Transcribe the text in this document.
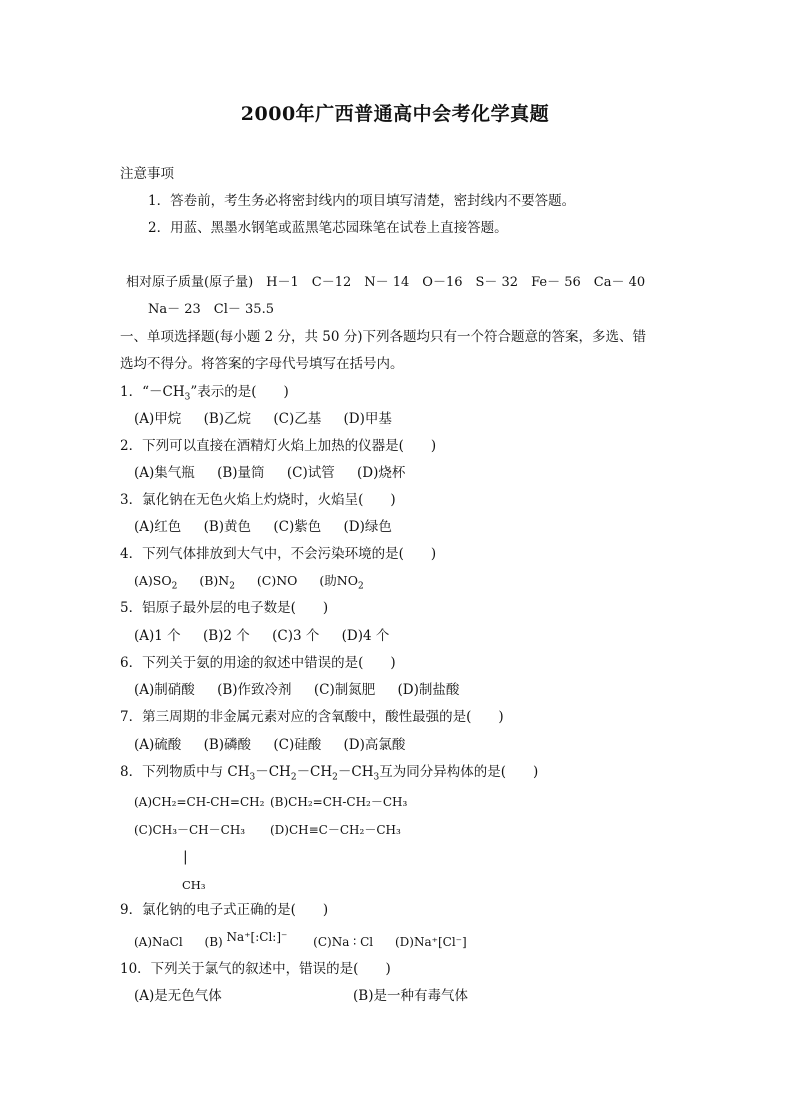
2000年广西普通高中会考化学真题
注意事项
1．答卷前，考生务必将密封线内的项目填写清楚，密封线内不要答题。
2．用蓝、黑墨水钢笔或蓝黑笔芯园珠笔在试卷上直接答题。
相对原子质量(原子量)　H－1　C－12　N－ 14　O－16　S－ 32　Fe－ 56　Ca－ 40
Na－ 23　Cl－ 35.5
一、单项选择题(每小题 2 分，共 50 分)下列各题均只有一个符合题意的答案，多选、错
选均不得分。将答案的字母代号填写在括号内。
1．“$-CH_3$”表示的是(　　)
(A)甲烷 (B)乙烷 (C)乙基 (D)甲基
2．下列可以直接在酒精灯火焰上加热的仪器是(　　)
(A)集气瓶 (B)量筒 (C)试管 (D)烧杯
3．氯化钠在无色火焰上灼烧时，火焰呈(　　)
(A)红色 (B)黄色 (C)紫色 (D)绿色
4．下列气体排放到大气中，不会污染环境的是(　　)
$(A)SO_2$ $(B)N_2$ (C)NO (助$NO_2$
5．铝原子最外层的电子数是(　　)
(A)1 个 (B)2 个 (C)3 个 (D)4 个
6．下列关于氨的用途的叙述中错误的是(　　)
(A)制硝酸 (B)作致冷剂 (C)制氮肥 (D)制盐酸
7．第三周期的非金属元素对应的含氧酸中，酸性最强的是(　　)
(A)硫酸 (B)磷酸 (C)硅酸 (D)高氯酸
8．下列物质中与 $CH_3-CH_2-CH_2-CH_3$互为同分异构体的是(　　)
(A)CH₂=CH-CH=CH₂ (B)CH₂=CH-CH₂－CH₃
(C)CH₃－CH－CH₃ (D)CH≡C－CH₂－CH₃
|
CH₃
9．氯化钠的电子式正确的是(　　)
(A)NaCl (B) Na⁺[:Cl:]⁻ (C)Na ∶ Cl (D)Na⁺[Cl⁻]
10．下列关于氯气的叙述中，错误的是(　　)
(A)是无色气体	(B)是一种有毒气体
